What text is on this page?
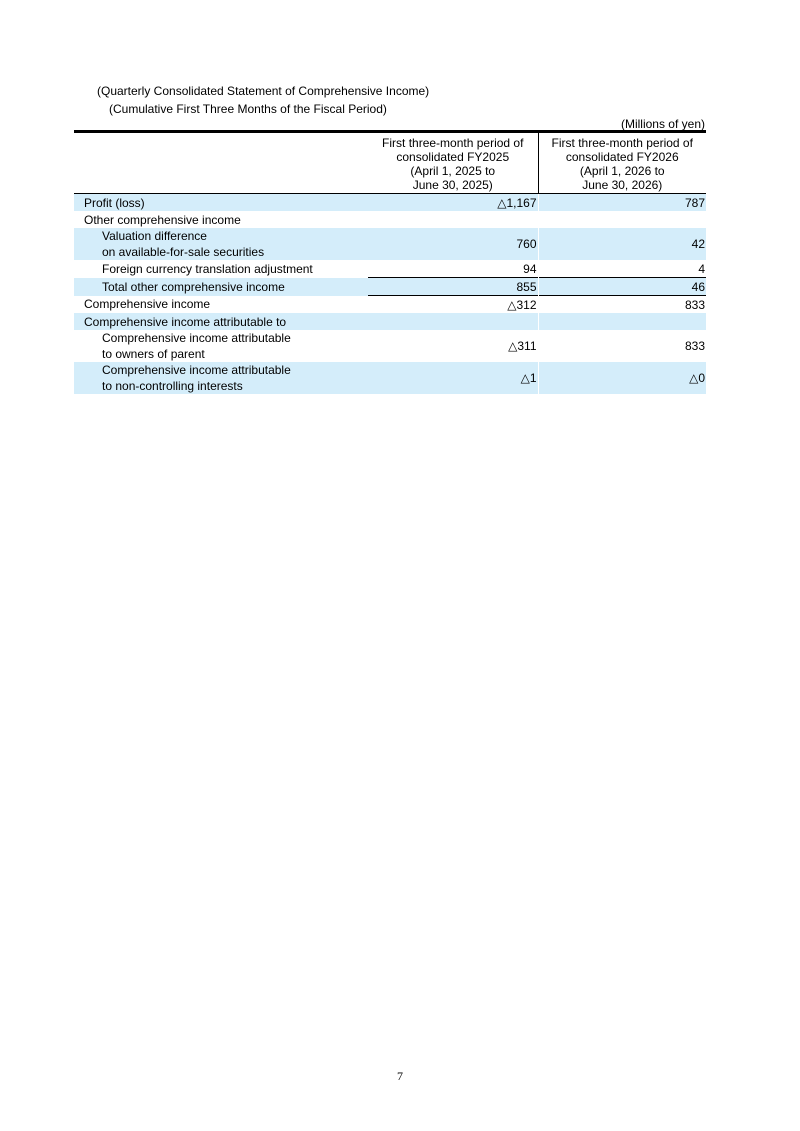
(Quarterly Consolidated Statement of Comprehensive Income)
(Cumulative First Three Months of the Fiscal Period)
(Millions of yen)

	First three-month period of
consolidated FY2025
(April 1, 2025 to
June 30, 2025)	First three-month period of
consolidated FY2026
(April 1, 2026 to
June 30, 2026)

Profit (loss)	△1,167	787
Other comprehensive income		

Valuation difference
on available-for-sale securities	760	42
Foreign currency translation adjustment	94	4
Total other comprehensive income	855	46
Comprehensive income	△312	833
Comprehensive income attributable to		

Comprehensive income attributable
to owners of parent	△311	833

Comprehensive income attributable
to non-controlling interests	△1	△0
7
